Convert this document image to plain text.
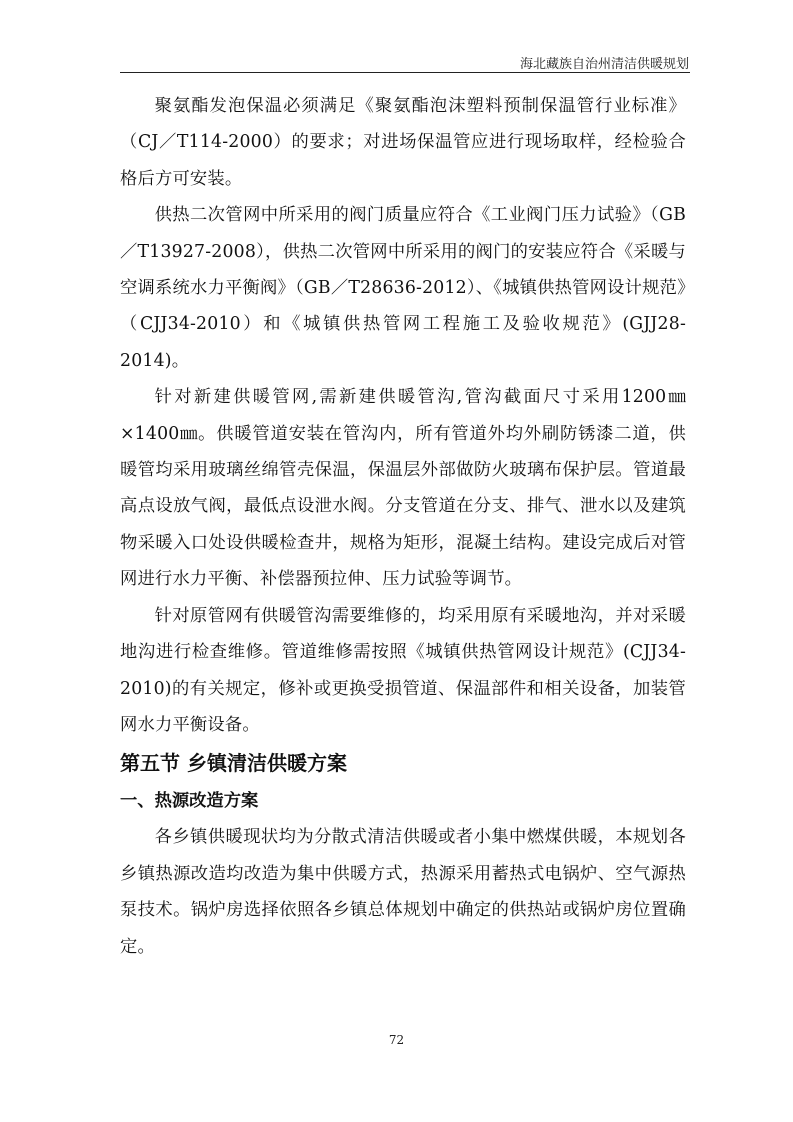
海北藏族自治州清洁供暖规划

聚氨酯发泡保温必须满足《聚氨酯泡沫塑料预制保温管行业标准》（CJ／T114-2000）的要求；对进场保温管应进行现场取样，经检验合格后方可安装。

供热二次管网中所采用的阀门质量应符合《工业阀门压力试验》（GB／T13927-2008），供热二次管网中所采用的阀门的安装应符合《采暖与空调系统水力平衡阀》（GB／T28636-2012）、《城镇供热管网设计规范》（CJJ34-2010）和《城镇供热管网工程施工及验收规范》(GJJ28-2014)。

针对新建供暖管网,需新建供暖管沟,管沟截面尺寸采用1200㎜×1400㎜。供暖管道安装在管沟内，所有管道外均外刷防锈漆二道，供暖管均采用玻璃丝绵管壳保温，保温层外部做防火玻璃布保护层。管道最高点设放气阀，最低点设泄水阀。分支管道在分支、排气、泄水以及建筑物采暖入口处设供暖检查井，规格为矩形，混凝土结构。建设完成后对管网进行水力平衡、补偿器预拉伸、压力试验等调节。

针对原管网有供暖管沟需要维修的，均采用原有采暖地沟，并对采暖地沟进行检查维修。管道维修需按照《城镇供热管网设计规范》(CJJ34-2010)的有关规定，修补或更换受损管道、保温部件和相关设备，加装管网水力平衡设备。

第五节 乡镇清洁供暖方案
一、热源改造方案

各乡镇供暖现状均为分散式清洁供暖或者小集中燃煤供暖，本规划各乡镇热源改造均改造为集中供暖方式，热源采用蓄热式电锅炉、空气源热泵技术。锅炉房选择依照各乡镇总体规划中确定的供热站或锅炉房位置确定。

72
